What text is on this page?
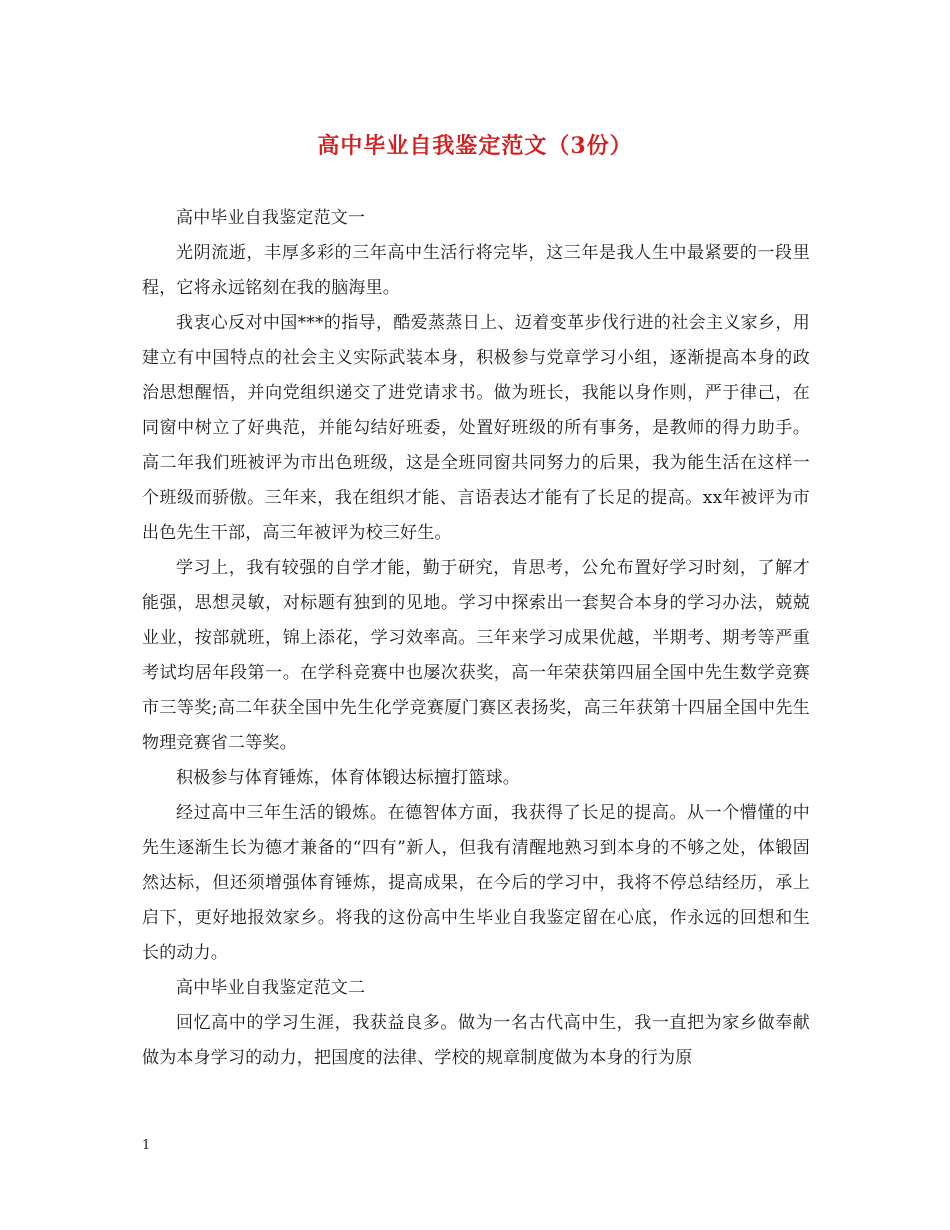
高中毕业自我鉴定范文（3份）

高中毕业自我鉴定范文一

光阴流逝，丰厚多彩的三年高中生活行将完毕，这三年是我人生中最紧要的一段里程，它将永远铭刻在我的脑海里。

我衷心反对中国***的指导，酷爱蒸蒸日上、迈着变革步伐行进的社会主义家乡，用建立有中国特点的社会主义实际武装本身，积极参与党章学习小组，逐渐提高本身的政治思想醒悟，并向党组织递交了进党请求书。做为班长，我能以身作则，严于律己，在同窗中树立了好典范，并能勾结好班委，处置好班级的所有事务，是教师的得力助手。高二年我们班被评为市出色班级，这是全班同窗共同努力的后果，我为能生活在这样一个班级而骄傲。三年来，我在组织才能、言语表达才能有了长足的提高。xx年被评为市出色先生干部，高三年被评为校三好生。

学习上，我有较强的自学才能，勤于研究，肯思考，公允布置好学习时刻，了解才能强，思想灵敏，对标题有独到的见地。学习中探索出一套契合本身的学习办法，兢兢业业，按部就班，锦上添花，学习效率高。三年来学习成果优越，半期考、期考等严重考试均居年段第一。在学科竞赛中也屡次获奖，高一年荣获第四届全国中先生数学竞赛市三等奖;高二年获全国中先生化学竞赛厦门赛区表扬奖，高三年获第十四届全国中先生物理竞赛省二等奖。

积极参与体育锤炼，体育体锻达标擅打篮球。

经过高中三年生活的锻炼。在德智体方面，我获得了长足的提高。从一个懵懂的中先生逐渐生长为德才兼备的“四有”新人，但我有清醒地熟习到本身的不够之处，体锻固然达标，但还须增强体育锤炼，提高成果，在今后的学习中，我将不停总结经历，承上启下，更好地报效家乡。将我的这份高中生毕业自我鉴定留在心底，作永远的回想和生长的动力。

高中毕业自我鉴定范文二

回忆高中的学习生涯，我获益良多。做为一名古代高中生，我一直把为家乡做奉献做为本身学习的动力，把国度的法律、学校的规章制度做为本身的行为原

1
